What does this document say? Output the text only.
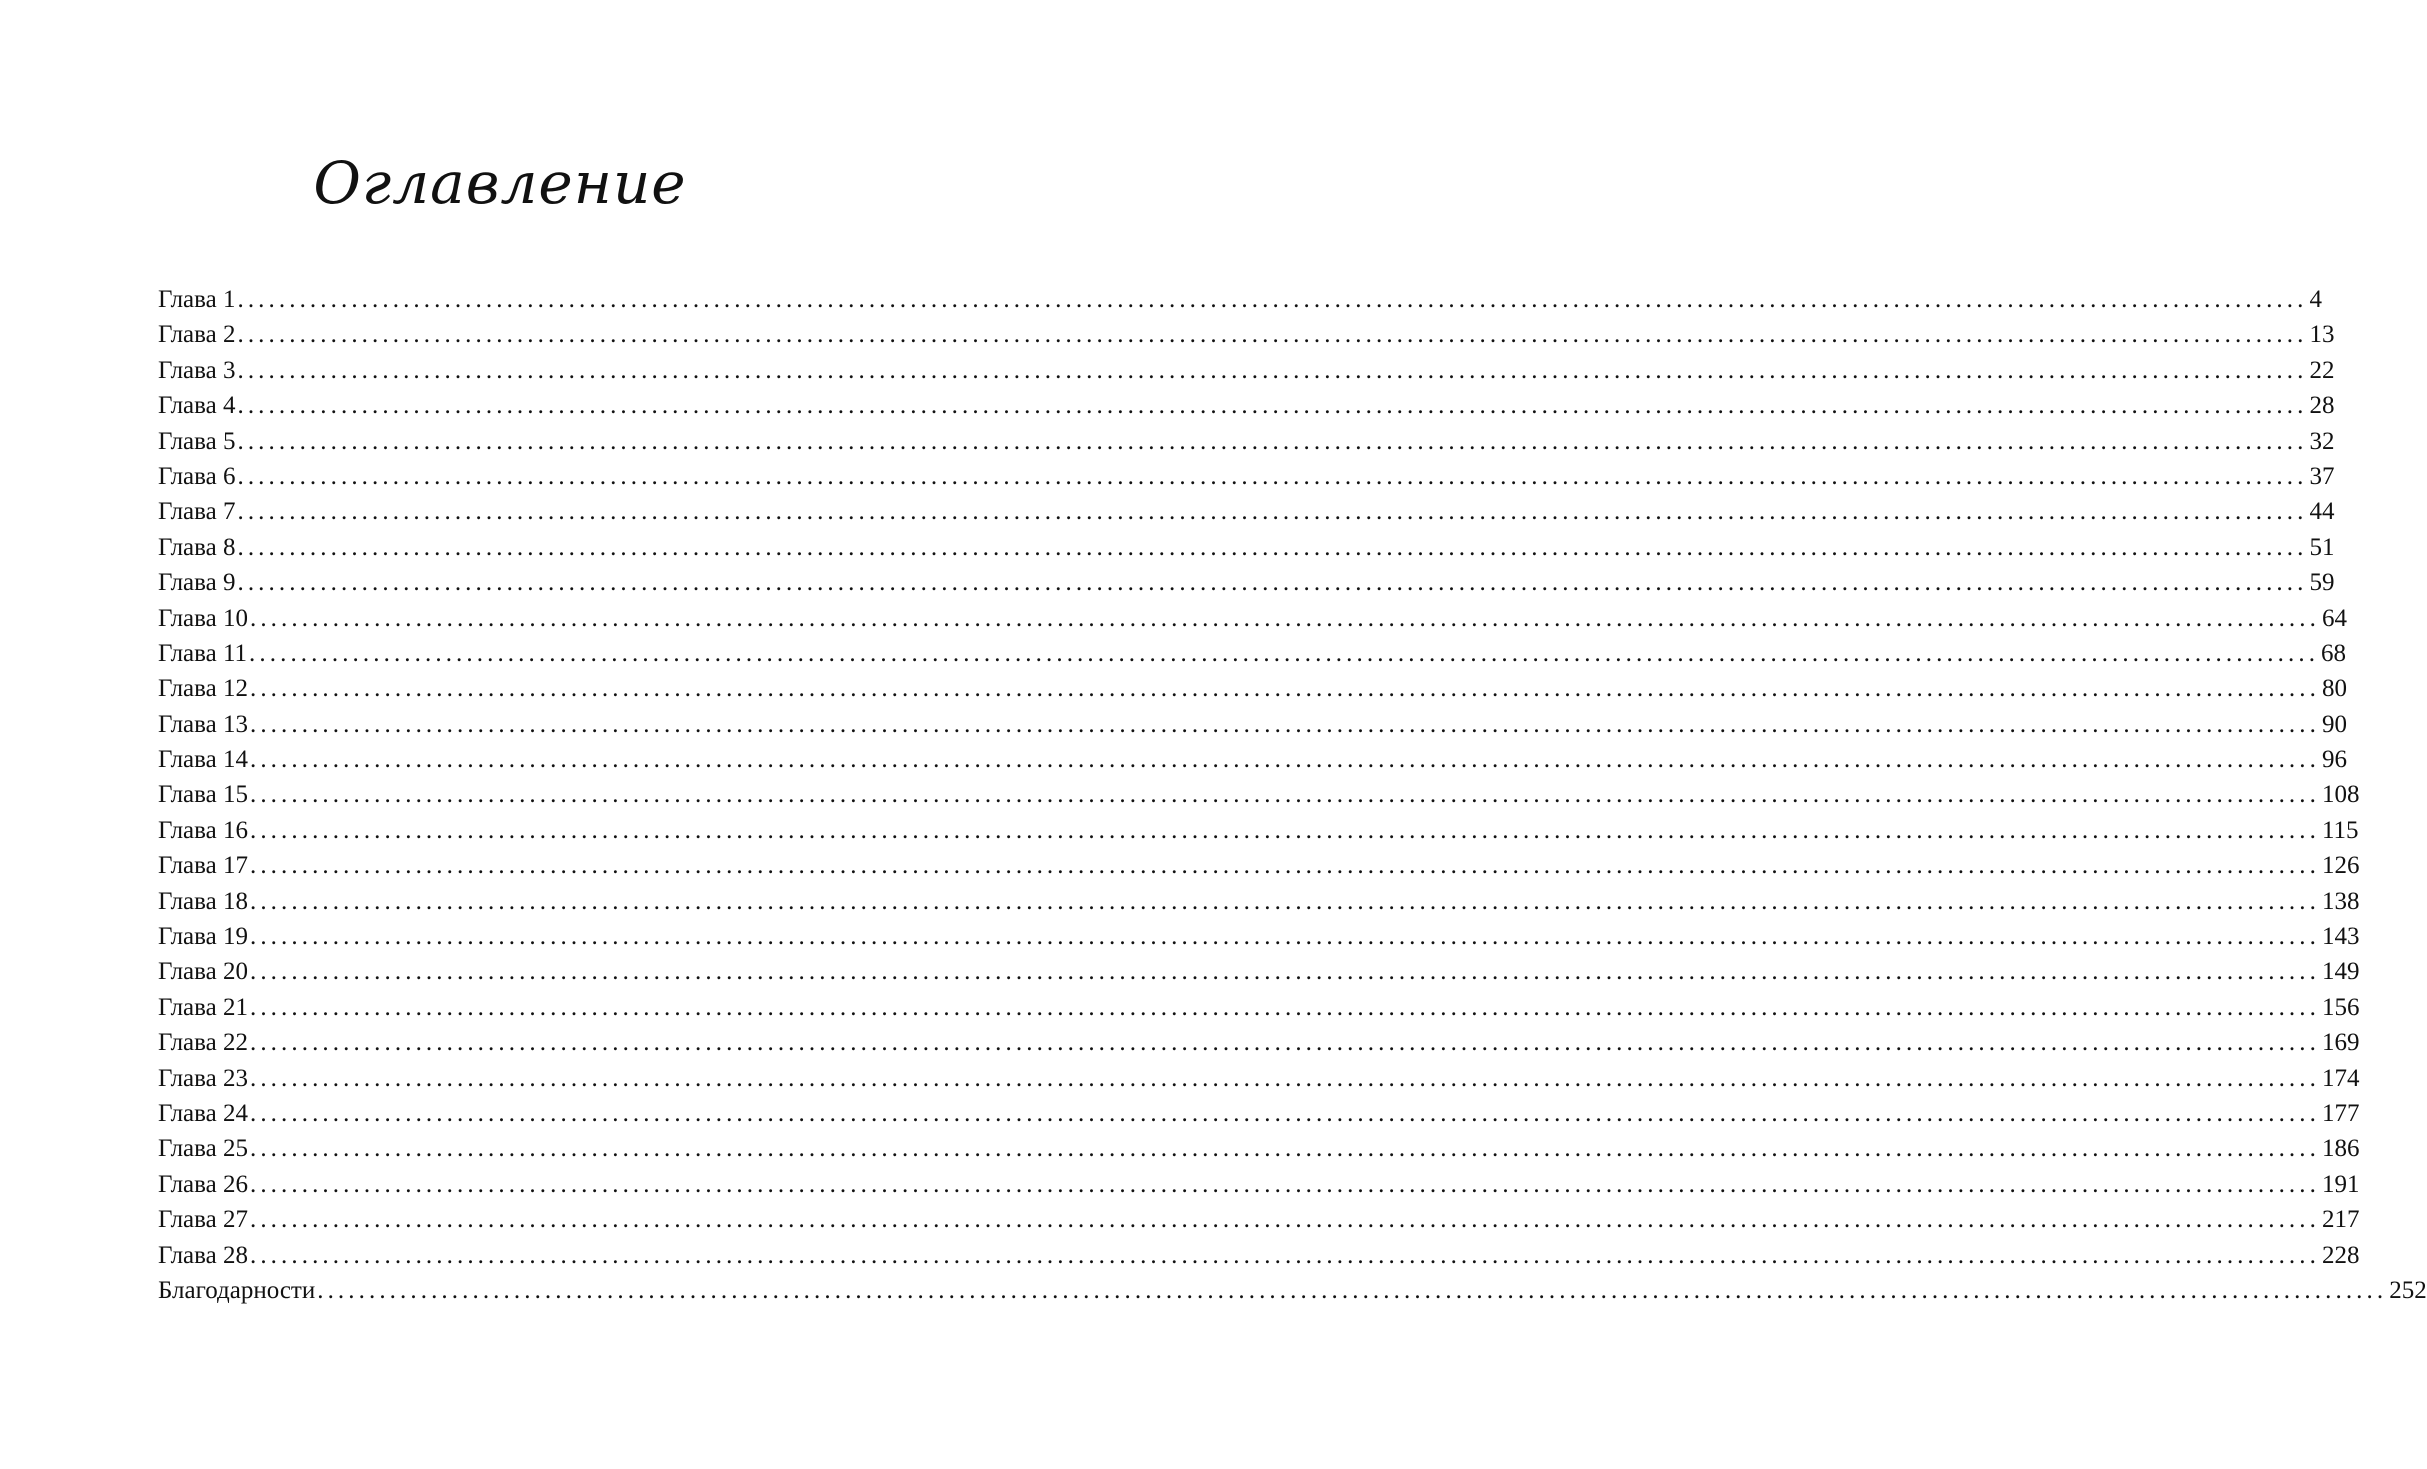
Оглавление
Глава 1 ........................................................................................................................................................................................................ 4
Глава 2 ........................................................................................................................................................................................................ 13
Глава 3 ........................................................................................................................................................................................................ 22
Глава 4 ........................................................................................................................................................................................................ 28
Глава 5 ........................................................................................................................................................................................................ 32
Глава 6 ........................................................................................................................................................................................................ 37
Глава 7 ........................................................................................................................................................................................................ 44
Глава 8 ........................................................................................................................................................................................................ 51
Глава 9 ........................................................................................................................................................................................................ 59
Глава 10 ........................................................................................................................................................................................................ 64
Глава 11 ........................................................................................................................................................................................................ 68
Глава 12 ........................................................................................................................................................................................................ 80
Глава 13 ........................................................................................................................................................................................................ 90
Глава 14 ........................................................................................................................................................................................................ 96
Глава 15 ........................................................................................................................................................................................................ 108
Глава 16 ........................................................................................................................................................................................................ 115
Глава 17 ........................................................................................................................................................................................................ 126
Глава 18 ........................................................................................................................................................................................................ 138
Глава 19 ........................................................................................................................................................................................................ 143
Глава 20 ........................................................................................................................................................................................................ 149
Глава 21 ........................................................................................................................................................................................................ 156
Глава 22 ........................................................................................................................................................................................................ 169
Глава 23 ........................................................................................................................................................................................................ 174
Глава 24 ........................................................................................................................................................................................................ 177
Глава 25 ........................................................................................................................................................................................................ 186
Глава 26 ........................................................................................................................................................................................................ 191
Глава 27 ........................................................................................................................................................................................................ 217
Глава 28 ........................................................................................................................................................................................................ 228
Благодарности ........................................................................................................................................................................................................ 252
